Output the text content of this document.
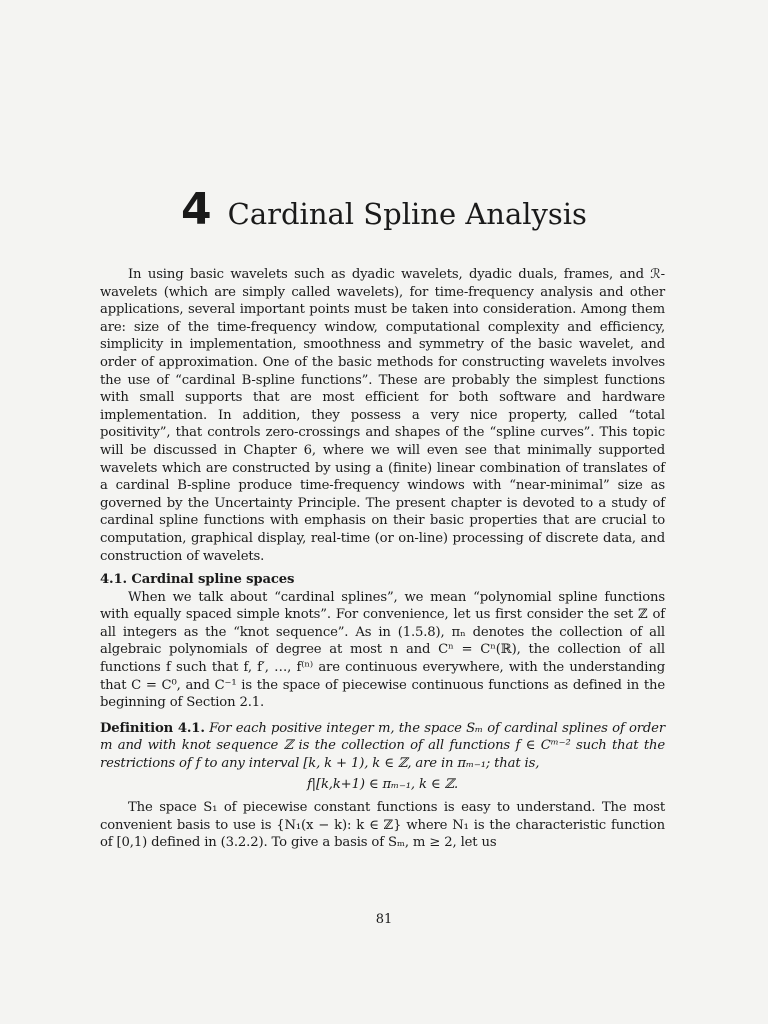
4 Cardinal Spline Analysis

In using basic wavelets such as dyadic wavelets, dyadic duals, frames, and ℛ-wavelets (which are simply called wavelets), for time-frequency analysis and other applications, several important points must be taken into consideration. Among them are: size of the time-frequency window, computational complexity and efficiency, simplicity in implementation, smoothness and symmetry of the basic wavelet, and order of approximation. One of the basic methods for constructing wavelets involves the use of “cardinal B-spline functions”. These are probably the simplest functions with small supports that are most efficient for both software and hardware implementation. In addition, they possess a very nice property, called “total positivity”, that controls zero-crossings and shapes of the “spline curves”. This topic will be discussed in Chapter 6, where we will even see that minimally supported wavelets which are constructed by using a (finite) linear combination of translates of a cardinal B-spline produce time-frequency windows with “near-minimal” size as governed by the Uncertainty Principle. The present chapter is devoted to a study of cardinal spline functions with emphasis on their basic properties that are crucial to computation, graphical display, real-time (or on-line) processing of discrete data, and construction of wavelets.

4.1. Cardinal spline spaces

When we talk about “cardinal splines”, we mean “polynomial spline functions with equally spaced simple knots”. For convenience, let us first consider the set ℤ of all integers as the “knot sequence”. As in (1.5.8), πₙ denotes the collection of all algebraic polynomials of degree at most n and Cⁿ = Cⁿ(ℝ), the collection of all functions f such that f, f′, …, f⁽ⁿ⁾ are continuous everywhere, with the understanding that C = C⁰, and C⁻¹ is the space of piecewise continuous functions as defined in the beginning of Section 2.1.

Definition 4.1. For each positive integer m, the space Sₘ of cardinal splines of order m and with knot sequence ℤ is the collection of all functions f ∈ Cᵐ⁻² such that the restrictions of f to any interval [k, k + 1), k ∈ ℤ, are in πₘ₋₁; that is,

f|[k,k+1) ∈ πₘ₋₁, k ∈ ℤ.

The space S₁ of piecewise constant functions is easy to understand. The most convenient basis to use is {N₁(x − k): k ∈ ℤ} where N₁ is the characteristic function of [0,1) defined in (3.2.2). To give a basis of Sₘ, m ≥ 2, let us

81
